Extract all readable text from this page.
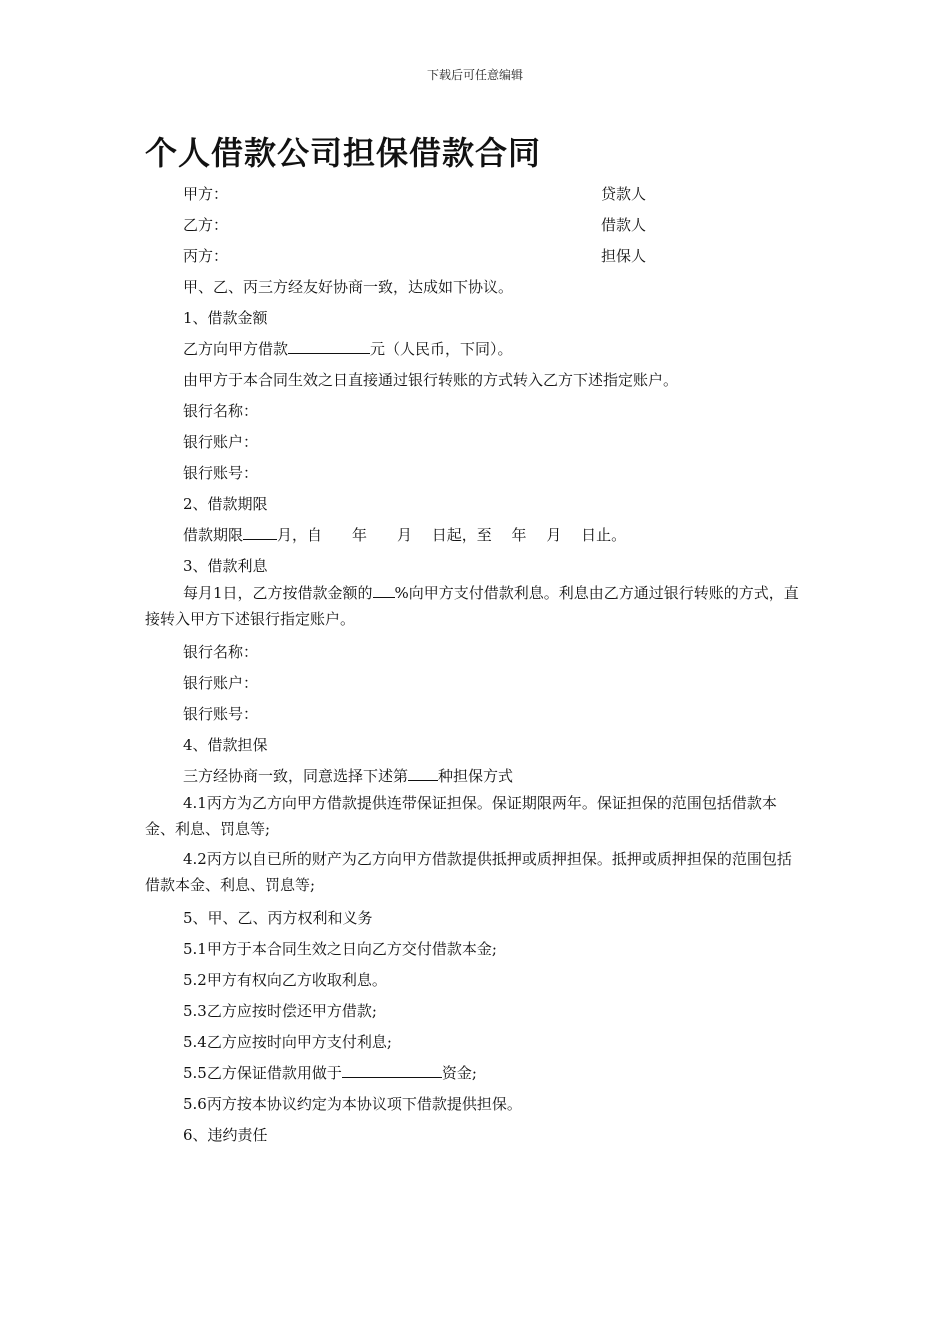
下载后可任意编辑
个人借款公司担保借款合同
甲方：	贷款人
乙方：	借款人
丙方：	担保人
甲、乙、丙三方经友好协商一致，达成如下协议。
1、借款金额
乙方向甲方借款	元（人民币，下同）。
由甲方于本合同生效之日直接通过银行转账的方式转入乙方下述指定账户。
银行名称：
银行账户：
银行账号：
2、借款期限
借款期限 月，自　　年　　月　 日起，至　 年　 月　 日止。
3、借款利息
每月1日，乙方按借款金额的 %向甲方支付借款利息。利息由乙方通过银行转账的方式，直接转入甲方下述银行指定账户。
银行名称：
银行账户：
银行账号：
4、借款担保
三方经协商一致，同意选择下述第 种担保方式
4.1丙方为乙方向甲方借款提供连带保证担保。保证期限两年。保证担保的范围包括借款本金、利息、罚息等;
4.2丙方以自已所的财产为乙方向甲方借款提供抵押或质押担保。抵押或质押担保的范围包括借款本金、利息、罚息等;
5、甲、乙、丙方权利和义务
5.1甲方于本合同生效之日向乙方交付借款本金;
5.2甲方有权向乙方收取利息。
5.3乙方应按时偿还甲方借款;
5.4乙方应按时向甲方支付利息;
5.5乙方保证借款用做于	资金;
5.6丙方按本协议约定为本协议项下借款提供担保。
6、违约责任
